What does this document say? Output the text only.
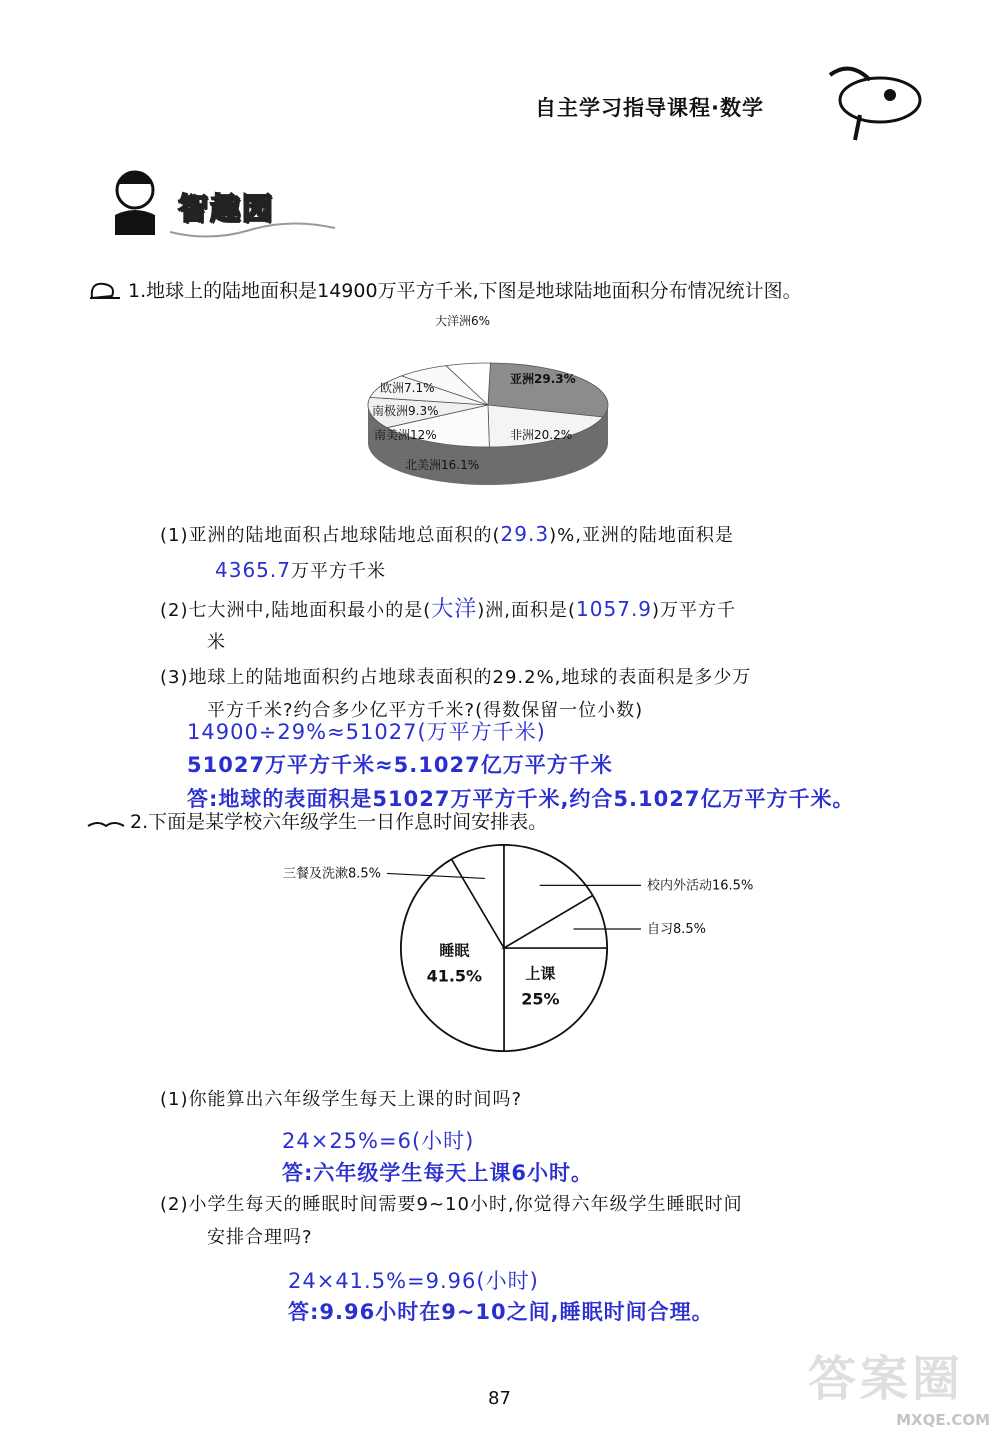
自主学习指导课程·数学
智趣园
1.地球上的陆地面积是14900万平方千米,下图是地球陆地面积分布情况统计图。
亚洲29.3%
非洲20.2%
北美洲16.1%
南美洲12%
南极洲9.3%
欧洲7.1%
大洋洲6%
(1)亚洲的陆地面积占地球陆地总面积的(29.3)%,亚洲的陆地面积是
4365.7万平方千米
(2)七大洲中,陆地面积最小的是(大洋)洲,面积是(1057.9)万平方千
米
(3)地球上的陆地面积约占地球表面积的29.2%,地球的表面积是多少万
平方千米?约合多少亿平方千米?(得数保留一位小数)
14900÷29%≈51027(万平方千米)
51027万平方千米≈5.1027亿万平方千米
答:地球的表面积是51027万平方千米,约合5.1027亿万平方千米。
2.下面是某学校六年级学生一日作息时间安排表。
上课
25%
睡眠
41.5%
三餐及洗漱8.5%
校内外活动16.5%
自习8.5%
(1)你能算出六年级学生每天上课的时间吗?
24×25%=6(小时)
答:六年级学生每天上课6小时。
(2)小学生每天的睡眠时间需要9~10小时,你觉得六年级学生睡眠时间
安排合理吗?
24×41.5%=9.96(小时)
答:9.96小时在9~10之间,睡眠时间合理。
87	答案圈
MXQE.COM
